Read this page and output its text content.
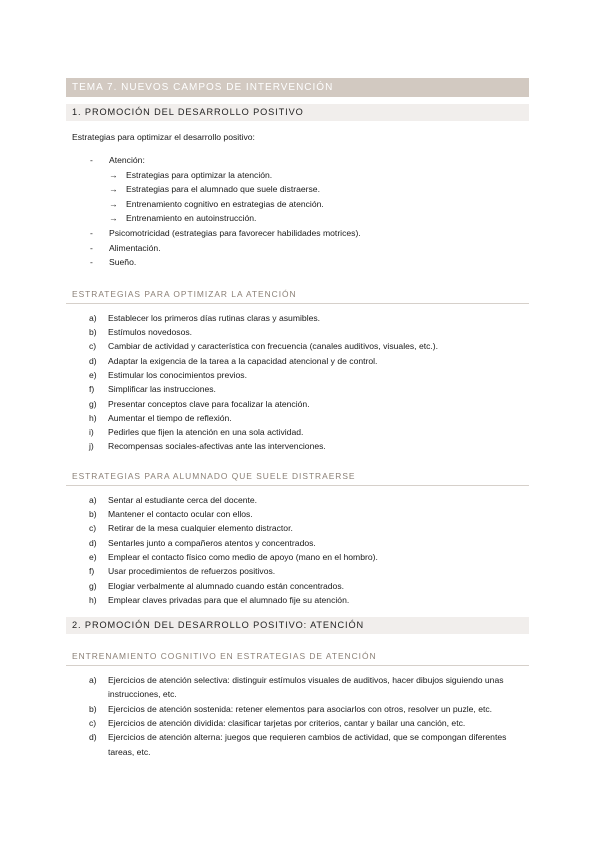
TEMA 7. NUEVOS CAMPOS DE INTERVENCIÓN
1. PROMOCIÓN DEL DESARROLLO POSITIVO
Estrategias para optimizar el desarrollo positivo:
- Atención:
→ Estrategias para optimizar la atención.
→ Estrategias para el alumnado que suele distraerse.
→ Entrenamiento cognitivo en estrategias de atención.
→ Entrenamiento en autoinstrucción.
- Psicomotricidad (estrategias para favorecer habilidades motrices).
- Alimentación.
- Sueño.
ESTRATEGIAS PARA OPTIMIZAR LA ATENCIÓN
a) Establecer los primeros días rutinas claras y asumibles.
b) Estímulos novedosos.
c) Cambiar de actividad y característica con frecuencia (canales auditivos, visuales, etc.).
d) Adaptar la exigencia de la tarea a la capacidad atencional y de control.
e) Estimular los conocimientos previos.
f) Simplificar las instrucciones.
g) Presentar conceptos clave para focalizar la atención.
h) Aumentar el tiempo de reflexión.
i) Pedirles que fijen la atención en una sola actividad.
j) Recompensas sociales-afectivas ante las intervenciones.
ESTRATEGIAS PARA ALUMNADO QUE SUELE DISTRAERSE
a) Sentar al estudiante cerca del docente.
b) Mantener el contacto ocular con ellos.
c) Retirar de la mesa cualquier elemento distractor.
d) Sentarles junto a compañeros atentos y concentrados.
e) Emplear el contacto físico como medio de apoyo (mano en el hombro).
f) Usar procedimientos de refuerzos positivos.
g) Elogiar verbalmente al alumnado cuando están concentrados.
h) Emplear claves privadas para que el alumnado fije su atención.
2. PROMOCIÓN DEL DESARROLLO POSITIVO: ATENCIÓN
ENTRENAMIENTO COGNITIVO EN ESTRATEGIAS DE ATENCIÓN
a) Ejercicios de atención selectiva: distinguir estímulos visuales de auditivos, hacer dibujos siguiendo unas instrucciones, etc.
b) Ejercicios de atención sostenida: retener elementos para asociarlos con otros, resolver un puzle, etc.
c) Ejercicios de atención dividida: clasificar tarjetas por criterios, cantar y bailar una canción, etc.
d) Ejercicios de atención alterna: juegos que requieren cambios de actividad, que se compongan diferentes tareas, etc.
